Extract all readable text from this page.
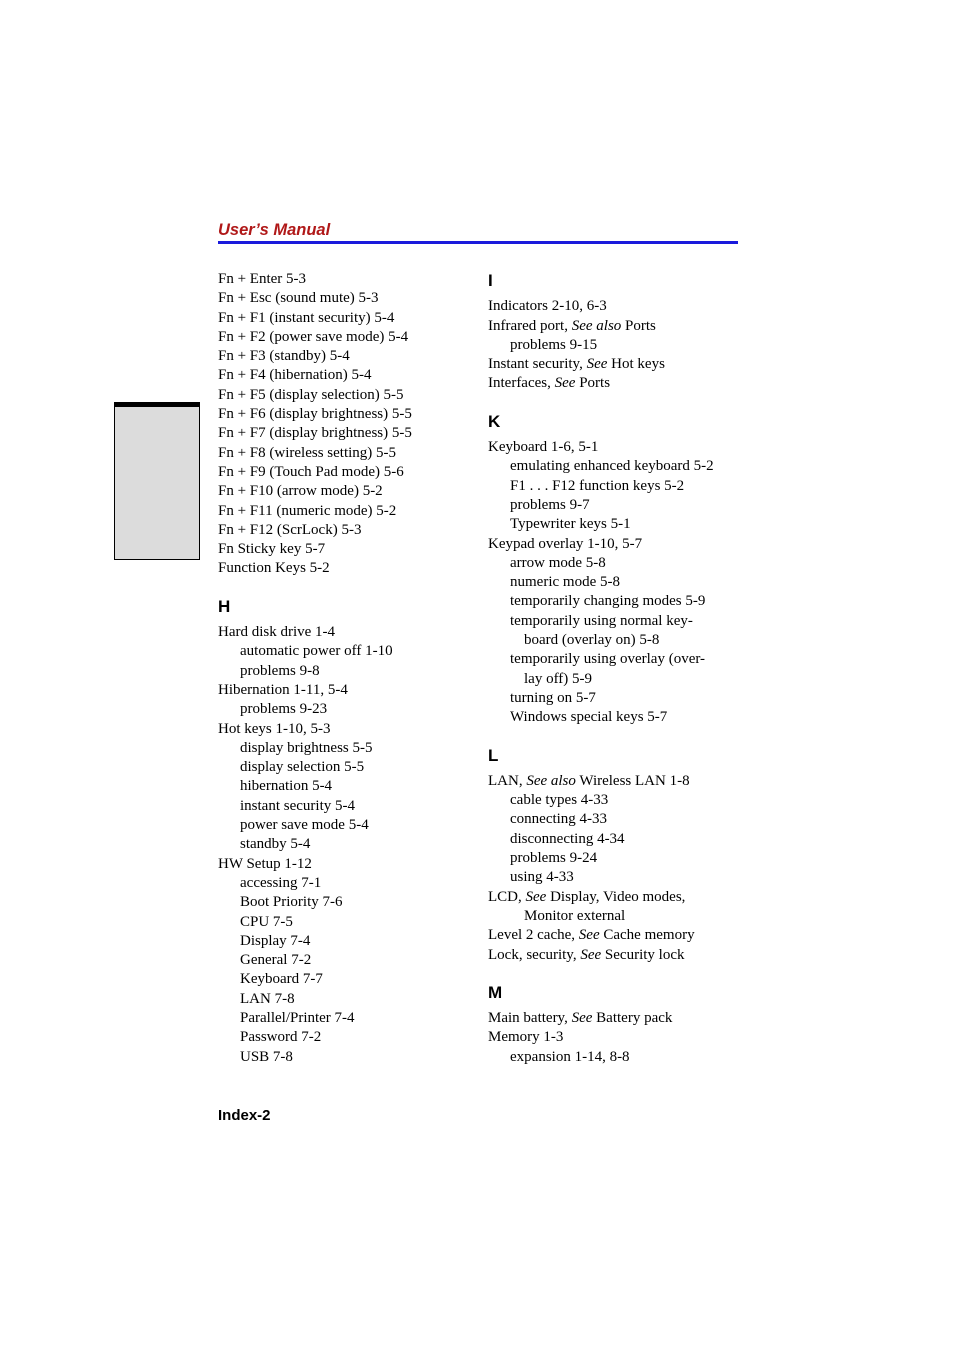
User’s Manual
Fn + Enter 5-3
Fn + Esc (sound mute) 5-3
Fn + F1 (instant security) 5-4
Fn + F2 (power save mode) 5-4
Fn + F3 (standby) 5-4
Fn + F4 (hibernation) 5-4
Fn + F5 (display selection) 5-5
Fn + F6 (display brightness) 5-5
Fn + F7 (display brightness) 5-5
Fn + F8 (wireless setting) 5-5
Fn + F9 (Touch Pad mode) 5-6
Fn + F10 (arrow mode) 5-2
Fn + F11 (numeric mode) 5-2
Fn + F12 (ScrLock) 5-3
Fn Sticky key 5-7
Function Keys 5-2
H
Hard disk drive 1-4
automatic power off 1-10
problems 9-8
Hibernation 1-11, 5-4
problems 9-23
Hot keys 1-10, 5-3
display brightness 5-5
display selection 5-5
hibernation 5-4
instant security 5-4
power save mode 5-4
standby 5-4
HW Setup 1-12
accessing 7-1
Boot Priority 7-6
CPU 7-5
Display 7-4
General 7-2
Keyboard 7-7
LAN 7-8
Parallel/Printer 7-4
Password 7-2
USB 7-8
I
Indicators 2-10, 6-3
Infrared port, See also Ports
problems 9-15
Instant security, See Hot keys
Interfaces, See Ports
K
Keyboard 1-6, 5-1
emulating enhanced keyboard 5-2
F1 . . . F12 function keys 5-2
problems 9-7
Typewriter keys 5-1
Keypad overlay 1-10, 5-7
arrow mode 5-8
numeric mode 5-8
temporarily changing modes 5-9
temporarily using normal key-
board (overlay on) 5-8
temporarily using overlay (over-
lay off) 5-9
turning on 5-7
Windows special keys 5-7
L
LAN, See also Wireless LAN 1-8
cable types 4-33
connecting 4-33
disconnecting 4-34
problems 9-24
using 4-33
LCD, See Display, Video modes,
Monitor external
Level 2 cache, See Cache memory
Lock, security, See Security lock
M
Main battery, See Battery pack
Memory 1-3
expansion 1-14, 8-8
Index-2
